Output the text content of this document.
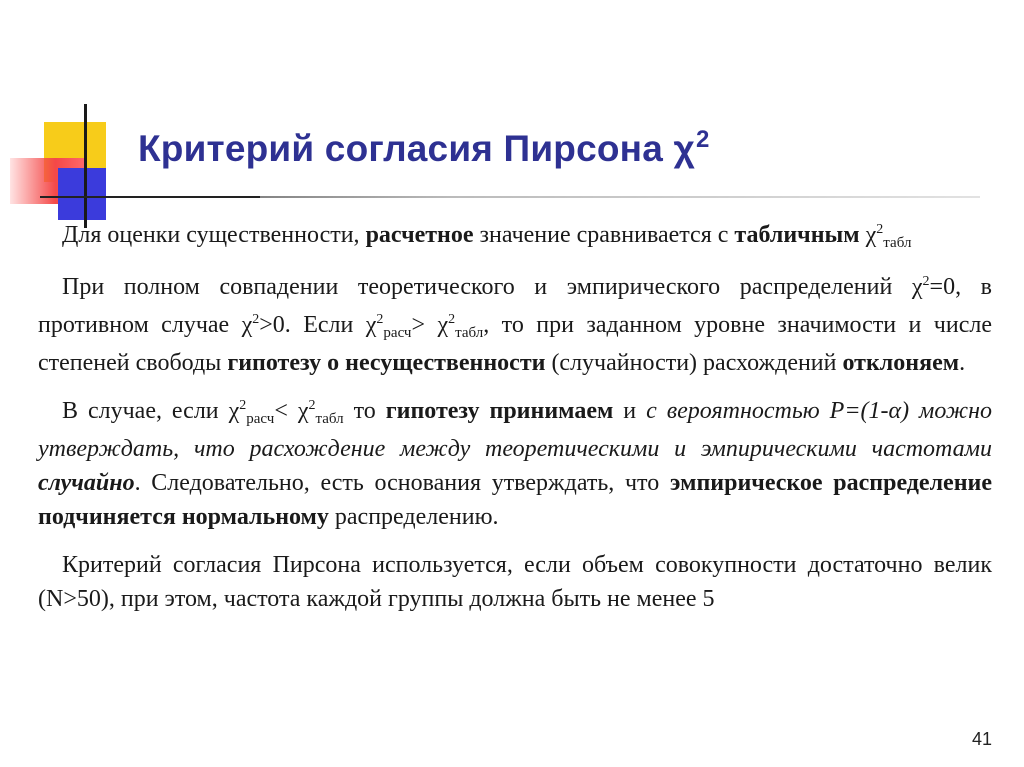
Критерий согласия Пирсона $\chi^2$

Для оценки существенности, расчетное значение сравнивается с табличным $\chi^2_{табл}$

При полном совпадении теоретического и эмпирического распределений $\chi^2=0$, в противном случае $\chi^2>0$. Если $\chi^2_{расч}> \chi^2_{табл}$, то при заданном уровне значимости и числе степеней свободы гипотезу о несущественности (случайности) расхождений отклоняем.

В случае, если $\chi^2_{расч}< \chi^2_{табл}$ то гипотезу принимаем и с вероятностью Р=(1-α) можно утверждать, что расхождение между теоретическими и эмпирическими частотами случайно. Следовательно, есть основания утверждать, что эмпирическое распределение подчиняется нормальному распределению.

Критерий согласия Пирсона используется, если объем совокупности достаточно велик (N>50), при этом, частота каждой группы должна быть не менее 5

41
